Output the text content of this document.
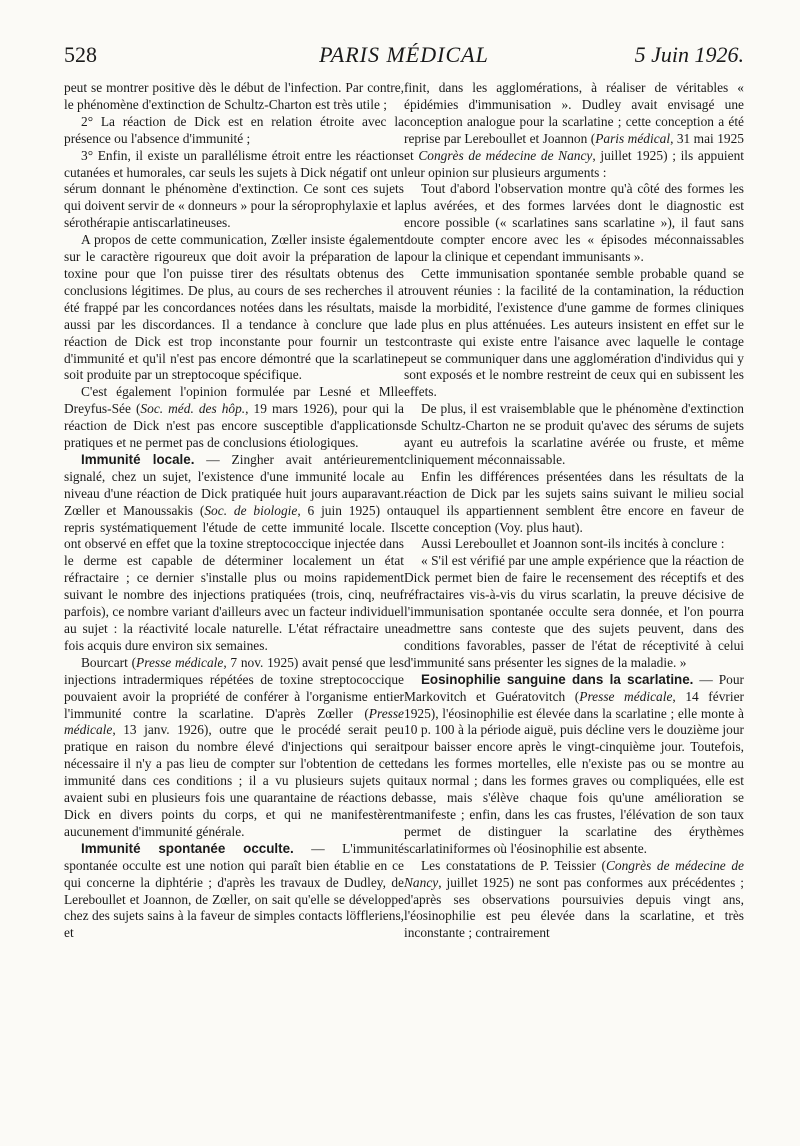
528	PARIS MÉDICAL	5 Juin 1926.

peut se montrer positive dès le début de l'infection. Par contre, le phénomène d'extinction de Schultz-Charton est très utile ;

2° La réaction de Dick est en relation étroite avec la présence ou l'absence d'immunité ;

3° Enfin, il existe un parallélisme étroit entre les réactions cutanées et humorales, car seuls les sujets à Dick négatif ont un sérum donnant le phénomène d'extinction. Ce sont ces sujets qui doivent servir de « donneurs » pour la séroprophylaxie et la sérothérapie antiscarlatineuses.

A propos de cette communication, Zœller insiste également sur le caractère rigoureux que doit avoir la préparation de la toxine pour que l'on puisse tirer des résultats obtenus des conclusions légitimes. De plus, au cours de ses recherches il a été frappé par les concordances notées dans les résultats, mais aussi par les discordances. Il a tendance à conclure que la réaction de Dick est trop inconstante pour fournir un test d'immunité et qu'il n'est pas encore démontré que la scarlatine soit produite par un streptocoque spécifique.

C'est également l'opinion formulée par Lesné et Mlle Dreyfus-Sée (Soc. méd. des hôp., 19 mars 1926), pour qui la réaction de Dick n'est pas encore susceptible d'applications pratiques et ne permet pas de conclusions étiologiques.

Immunité locale. — Zingher avait antérieurement signalé, chez un sujet, l'existence d'une immunité locale au niveau d'une réaction de Dick pratiquée huit jours auparavant. Zœller et Manoussakis (Soc. de biologie, 6 juin 1925) ont repris systématiquement l'étude de cette immunité locale. Ils ont observé en effet que la toxine streptococcique injectée dans le derme est capable de déterminer localement un état réfractaire ; ce dernier s'installe plus ou moins rapidement suivant le nombre des injections pratiquées (trois, cinq, neuf parfois), ce nombre variant d'ailleurs avec un facteur individuel au sujet : la réactivité locale naturelle. L'état réfractaire une fois acquis dure environ six semaines.

Bourcart (Presse médicale, 7 nov. 1925) avait pensé que les injections intradermiques répétées de toxine streptococcique pouvaient avoir la propriété de conférer à l'organisme entier l'immunité contre la scarlatine. D'après Zœller (Presse médicale, 13 janv. 1926), outre que le procédé serait peu pratique en raison du nombre élevé d'injections qui serait nécessaire il n'y a pas lieu de compter sur l'obtention de cette immunité dans ces conditions ; il a vu plusieurs sujets qui avaient subi en plusieurs fois une quarantaine de réactions de Dick en divers points du corps, et qui ne manifestèrent aucunement d'immunité générale.

Immunité spontanée occulte. — L'immunité spontanée occulte est une notion qui paraît bien établie en ce qui concerne la diphtérie ; d'après les travaux de Dudley, de Lereboullet et Joannon, de Zœller, on sait qu'elle se développe chez des sujets sains à la faveur de simples contacts löffleriens, et

finit, dans les agglomérations, à réaliser de véritables « épidémies d'immunisation ». Dudley avait envisagé une conception analogue pour la scarlatine ; cette conception a été reprise par Lereboullet et Joannon (Paris médical, 31 mai 1925 et Congrès de médecine de Nancy, juillet 1925) ; ils appuient leur opinion sur plusieurs arguments :

Tout d'abord l'observation montre qu'à côté des formes les plus avérées, et des formes larvées dont le diagnostic est encore possible (« scarlatines sans scarlatine »), il faut sans doute compter encore avec les « épisodes méconnaissables pour la clinique et cependant immunisants ».

Cette immunisation spontanée semble probable quand se trouvent réunies : la facilité de la contamination, la réduction de la morbidité, l'existence d'une gamme de formes cliniques de plus en plus atténuées. Les auteurs insistent en effet sur le contraste qui existe entre l'aisance avec laquelle le contage peut se communiquer dans une agglomération d'individus qui y sont exposés et le nombre restreint de ceux qui en subissent les effets.

De plus, il est vraisemblable que le phénomène d'extinction de Schultz-Charton ne se produit qu'avec des sérums de sujets ayant eu autrefois la scarlatine avérée ou fruste, et même cliniquement méconnaissable.

Enfin les différences présentées dans les résultats de la réaction de Dick par les sujets sains suivant le milieu social auquel ils appartiennent semblent être encore en faveur de cette conception (Voy. plus haut).

Aussi Lereboullet et Joannon sont-ils incités à conclure :

« S'il est vérifié par une ample expérience que la réaction de Dick permet bien de faire le recensement des réceptifs et des réfractaires vis-à-vis du virus scarlatin, la preuve décisive de l'immunisation spontanée occulte sera donnée, et l'on pourra admettre sans conteste que des sujets peuvent, dans des conditions favorables, passer de l'état de réceptivité à celui d'immunité sans présenter les signes de la maladie. »

Eosinophilie sanguine dans la scarlatine. — Pour Markovitch et Guératovitch (Presse médicale, 14 février 1925), l'éosinophilie est élevée dans la scarlatine ; elle monte à 10 p. 100 à la période aiguë, puis décline vers le douzième jour pour baisser encore après le vingt-cinquième jour. Toutefois, dans les formes mortelles, elle n'existe pas ou se montre au taux normal ; dans les formes graves ou compliquées, elle est basse, mais s'élève chaque fois qu'une amélioration se manifeste ; enfin, dans les cas frustes, l'élévation de son taux permet de distinguer la scarlatine des érythèmes scarlatiniformes où l'éosinophilie est absente.

Les constatations de P. Teissier (Congrès de médecine de Nancy, juillet 1925) ne sont pas conformes aux précédentes ; d'après ses observations poursuivies depuis vingt ans, l'éosinophilie est peu élevée dans la scarlatine, et très inconstante ; contrairement
